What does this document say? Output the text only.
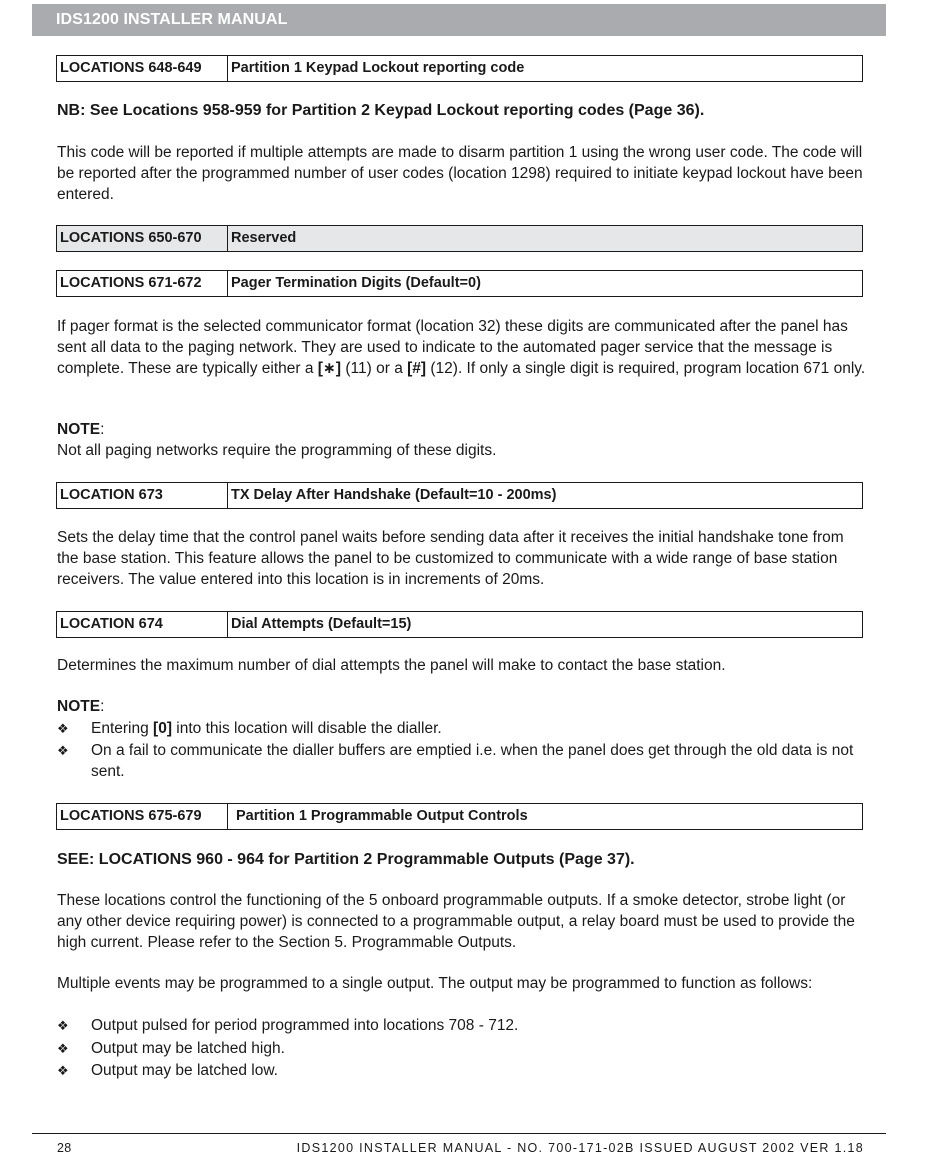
IDS1200 INSTALLER MANUAL
LOCATIONS 648-649	Partition 1 Keypad Lockout reporting code

NB: See Locations 958-959 for Partition 2 Keypad Lockout reporting codes (Page 36).

This code will be reported if multiple attempts are made to disarm partition 1 using the wrong user code. The code will be reported after the programmed number of user codes (location 1298) required to initiate keypad lockout have been entered.

LOCATIONS 650-670	Reserved
LOCATIONS 671-672	Pager Termination Digits (Default=0)

If pager format is the selected communicator format (location 32) these digits are communicated after the panel has sent all data to the paging network. They are used to indicate to the automated pager service that the message is complete. These are typically either a [∗] (11) or a [#] (12). If only a single digit is required, program location 671 only.

NOTE:
Not all paging networks require the programming of these digits.

LOCATION 673	TX Delay After Handshake (Default=10 - 200ms)

Sets the delay time that the control panel waits before sending data after it receives the initial handshake tone from the base station. This feature allows the panel to be customized to communicate with a wide range of base station receivers. The value entered into this location is in increments of 20ms.

LOCATION 674	Dial Attempts (Default=15)

Determines the maximum number of dial attempts the panel will make to contact the base station.

NOTE:

❖	Entering [0] into this location will disable the dialler.
❖	On a fail to communicate the dialler buffers are emptied i.e. when the panel does get through the old data is not sent.
LOCATIONS 675-679	Partition 1 Programmable Output Controls

SEE: LOCATIONS 960 - 964 for Partition 2 Programmable Outputs (Page 37).

These locations control the functioning of the 5 onboard programmable outputs. If a smoke detector, strobe light (or any other device requiring power) is connected to a programmable output, a relay board must be used to provide the high current. Please refer to the Section 5. Programmable Outputs.

Multiple events may be programmed to a single output. The output may be programmed to function as follows:

❖	Output pulsed for period programmed into locations 708 - 712.
❖	Output may be latched high.
❖	Output may be latched low.
28	IDS1200 INSTALLER MANUAL - NO. 700-171-02B ISSUED AUGUST 2002 VER 1.18
